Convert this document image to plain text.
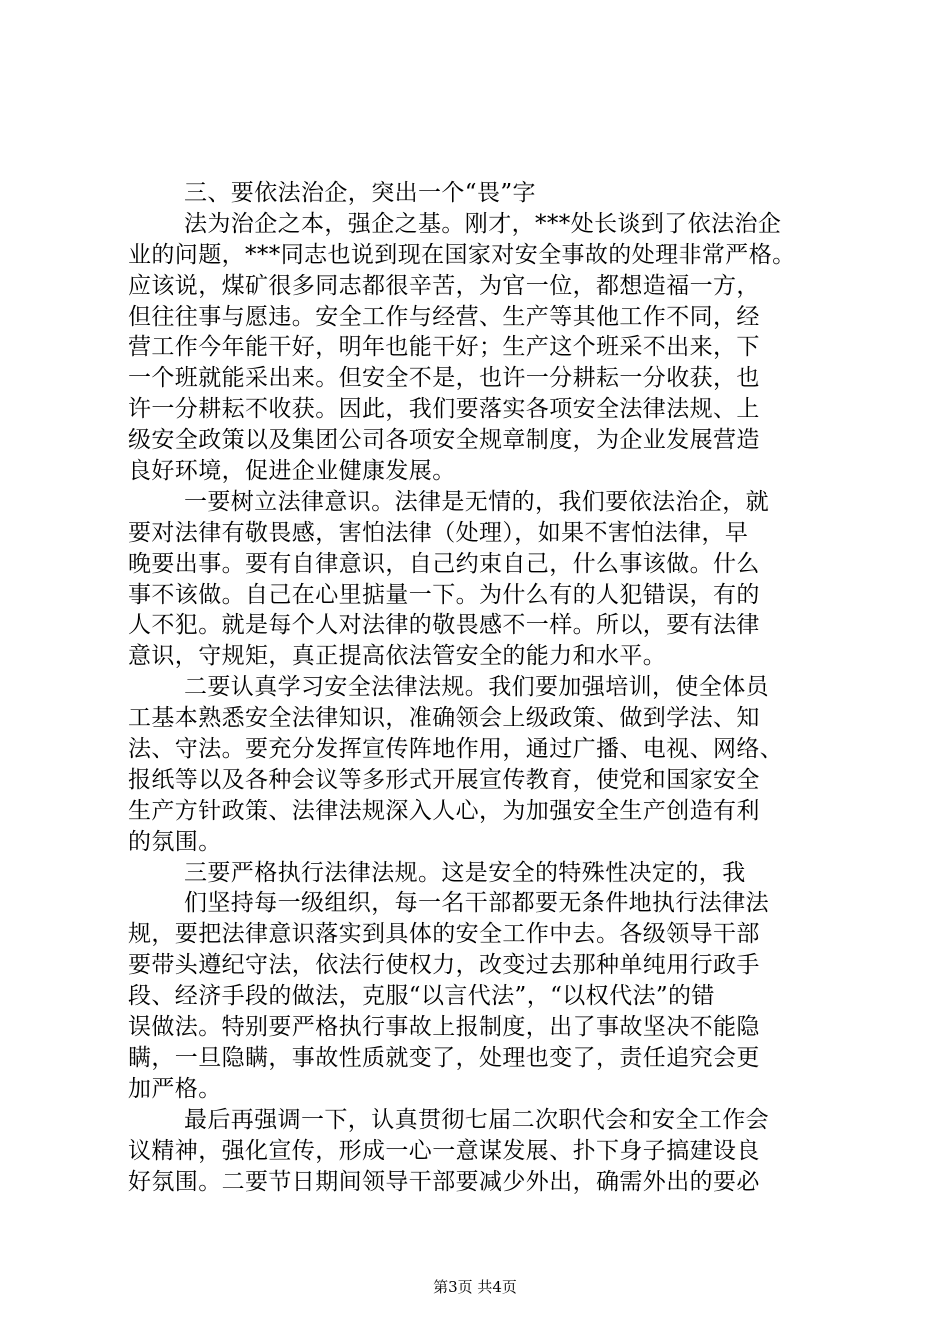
三、要依法治企，突出一个“畏”字
法为治企之本，强企之基。刚才，***处长谈到了依法治企
业的问题，***同志也说到现在国家对安全事故的处理非常严格。
应该说，煤矿很多同志都很辛苦，为官一位，都想造福一方，
但往往事与愿违。安全工作与经营、生产等其他工作不同，经
营工作今年能干好，明年也能干好；生产这个班采不出来，下
一个班就能采出来。但安全不是，也许一分耕耘一分收获，也
许一分耕耘不收获。因此，我们要落实各项安全法律法规、上
级安全政策以及集团公司各项安全规章制度，为企业发展营造
良好环境，促进企业健康发展。
一要树立法律意识。法律是无情的，我们要依法治企，就
要对法律有敬畏感，害怕法律（处理），如果不害怕法律，早
晚要出事。要有自律意识，自己约束自己，什么事该做。什么
事不该做。自己在心里掂量一下。为什么有的人犯错误，有的
人不犯。就是每个人对法律的敬畏感不一样。所以，要有法律
意识，守规矩，真正提高依法管安全的能力和水平。
二要认真学习安全法律法规。我们要加强培训，使全体员
工基本熟悉安全法律知识，准确领会上级政策、做到学法、知
法、守法。要充分发挥宣传阵地作用，通过广播、电视、网络、
报纸等以及各种会议等多形式开展宣传教育，使党和国家安全
生产方针政策、法律法规深入人心，为加强安全生产创造有利
的氛围。
三要严格执行法律法规。这是安全的特殊性决定的，我
们坚持每一级组织，每一名干部都要无条件地执行法律法
规，要把法律意识落实到具体的安全工作中去。各级领导干部
要带头遵纪守法，依法行使权力，改变过去那种单纯用行政手
段、经济手段的做法，克服“以言代法”，“以权代法”的错
误做法。特别要严格执行事故上报制度，出了事故坚决不能隐
瞒，一旦隐瞒，事故性质就变了，处理也变了，责任追究会更
加严格。
最后再强调一下，认真贯彻七届二次职代会和安全工作会
议精神，强化宣传，形成一心一意谋发展、扑下身子搞建设良
好氛围。二要节日期间领导干部要减少外出，确需外出的要必
第3页 共4页
